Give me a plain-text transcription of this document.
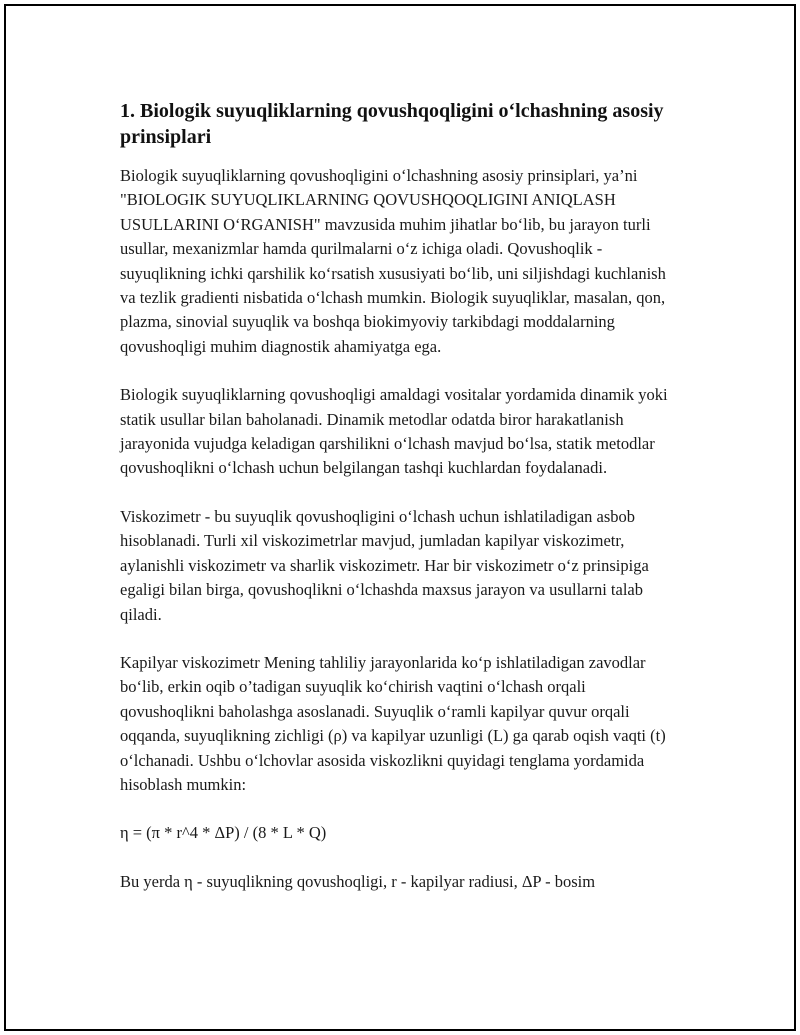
1. Biologik suyuqliklarning qovushqoqligini o‘lchashning asosiy prinsiplari

Biologik suyuqliklarning qovushoqligini o‘lchashning asosiy prinsiplari, ya’ni "BIOLOGIK SUYUQLIKLARNING QOVUSHQOQLIGINI ANIQLASH USULLARINI O‘RGANISH" mavzusida muhim jihatlar bo‘lib, bu jarayon turli usullar, mexanizmlar hamda qurilmalarni o‘z ichiga oladi. Qovushoqlik - suyuqlikning ichki qarshilik ko‘rsatish xususiyati bo‘lib, uni siljishdagi kuchlanish va tezlik gradienti nisbatida o‘lchash mumkin. Biologik suyuqliklar, masalan, qon, plazma, sinovial suyuqlik va boshqa biokimyoviy tarkibdagi moddalarning qovushoqligi muhim diagnostik ahamiyatga ega.

Biologik suyuqliklarning qovushoqligi amaldagi vositalar yordamida dinamik yoki statik usullar bilan baholanadi. Dinamik metodlar odatda biror harakatlanish jarayonida vujudga keladigan qarshilikni o‘lchash mavjud bo‘lsa, statik metodlar qovushoqlikni o‘lchash uchun belgilangan tashqi kuchlardan foydalanadi.

Viskozimetr - bu suyuqlik qovushoqligini o‘lchash uchun ishlatiladigan asbob hisoblanadi. Turli xil viskozimetrlar mavjud, jumladan kapilyar viskozimetr, aylanishli viskozimetr va sharlik viskozimetr. Har bir viskozimetr o‘z prinsipiga egaligi bilan birga, qovushoqlikni o‘lchashda maxsus jarayon va usullarni talab qiladi.

Kapilyar viskozimetr Mening tahliliy jarayonlarida ko‘p ishlatiladigan zavodlar bo‘lib, erkin oqib o’tadigan suyuqlik ko‘chirish vaqtini o‘lchash orqali qovushoqlikni baholashga asoslanadi. Suyuqlik o‘ramli kapilyar quvur orqali oqqanda, suyuqlikning zichligi (ρ) va kapilyar uzunligi (L) ga qarab oqish vaqti (t) o‘lchanadi. Ushbu o‘lchovlar asosida viskozlikni quyidagi tenglama yordamida hisoblash mumkin:

η = (π * r^4 * ΔP) / (8 * L * Q)

Bu yerda η - suyuqlikning qovushoqligi, r - kapilyar radiusi, ΔP - bosim
